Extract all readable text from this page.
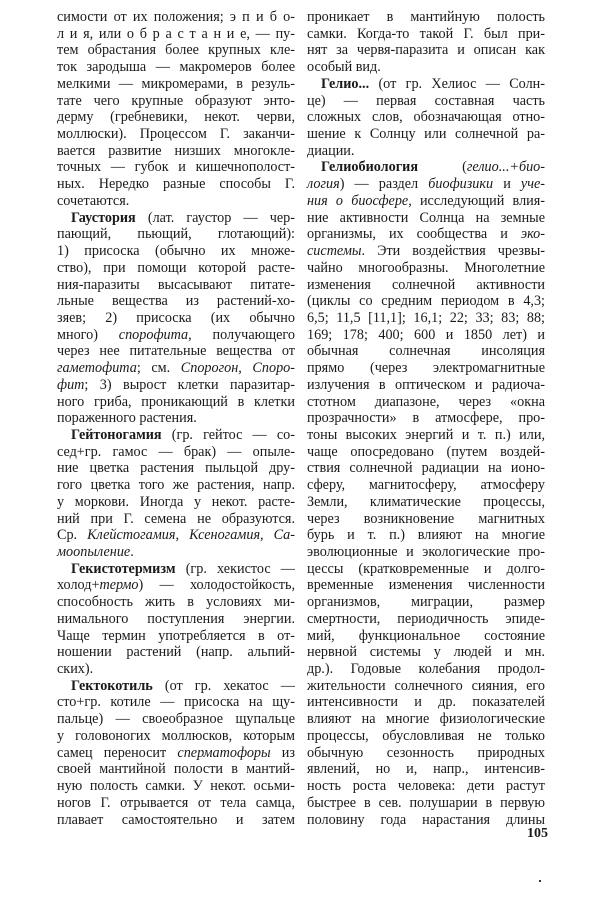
симости от их положения; э п и б о-
л и я, или о б р а с т а н и е, — пу-
тем обрастания более крупных кле-
ток зародыша — макромеров более
мелкими — микромерами, в резуль-
тате чего крупные образуют энто-
дерму (гребневики, некот. черви,
моллюски). Процессом Г. заканчи-
вается развитие низших многокле-
точных — губок и кишечнополост-
ных. Нередко разные способы Г.
сочетаются.
Гаустория (лат. гаустор — чер-
пающий, пьющий, глотающий):
1) присоска (обычно их множе-
ство), при помощи которой расте-
ния-паразиты высасывают питате-
льные вещества из растений-хо-
зяев; 2) присоска (их обычно
много) спорофита, получающего
через нее питательные вещества от
гаметофита; см. Спорогон, Споро-
фит; 3) вырост клетки паразитар-
ного гриба, проникающий в клетки
пораженного растения.
Гейтоногамия (гр. гейтос — со-
сед+гр. гамос — брак) — опыле-
ние цветка растения пыльцой дру-
гого цветка того же растения, напр.
у моркови. Иногда у некот. расте-
ний при Г. семена не образуются.
Ср. Клейстогамия, Ксеногамия, Са-
моопыление.
Гекистотермизм (гр. хекистос —
холод+термо) — холодостойкость,
способность жить в условиях ми-
нимального поступления энергии.
Чаще термин употребляется в от-
ношении растений (напр. альпий-
ских).
Гектокотиль (от гр. хекатос —
сто+гр. котиле — присоска на щу-
пальце) — своеобразное щупальце
у головоногих моллюсков, которым
самец переносит сперматофоры из
своей мантийной полости в мантий-
ную полость самки. У некот. осьми-
ногов Г. отрывается от тела самца,
плавает самостоятельно и затем
проникает в мантийную полость
самки. Когда-то такой Г. был при-
нят за червя-паразита и описан как
особый вид.
Гелио... (от гр. Хелиос — Солн-
це) — первая составная часть
сложных слов, обозначающая отно-
шение к Солнцу или солнечной ра-
диации.
Гелиобиология (гелио...+био-
логия) — раздел биофизики и уче-
ния о биосфере, исследующий влия-
ние активности Солнца на земные
организмы, их сообщества и эко-
системы. Эти воздействия чрезвы-
чайно многообразны. Многолетние
изменения солнечной активности
(циклы со средним периодом в 4,3;
6,5; 11,5 [11,1]; 16,1; 22; 33; 83; 88;
169; 178; 400; 600 и 1850 лет) и
обычная солнечная инсоляция
прямо (через электромагнитные
излучения в оптическом и радиоча-
стотном диапазоне, через «окна
прозрачности» в атмосфере, про-
тоны высоких энергий и т. п.) или,
чаще опосредовано (путем воздей-
ствия солнечной радиации на ионо-
сферу, магнитосферу, атмосферу
Земли, климатические процессы,
через возникновение магнитных
бурь и т. п.) влияют на многие
эволюционные и экологические про-
цессы (кратковременные и долго-
временные изменения численности
организмов, миграции, размер
смертности, периодичность эпиде-
мий, функциональное состояние
нервной системы у людей и мн.
др.). Годовые колебания продол-
жительности солнечного сияния, его
интенсивности и др. показателей
влияют на многие физиологические
процессы, обусловливая не только
обычную сезонность природных
явлений, но и, напр., интенсив-
ность роста человека: дети растут
быстрее в сев. полушарии в первую
половину года нарастания длины
105
